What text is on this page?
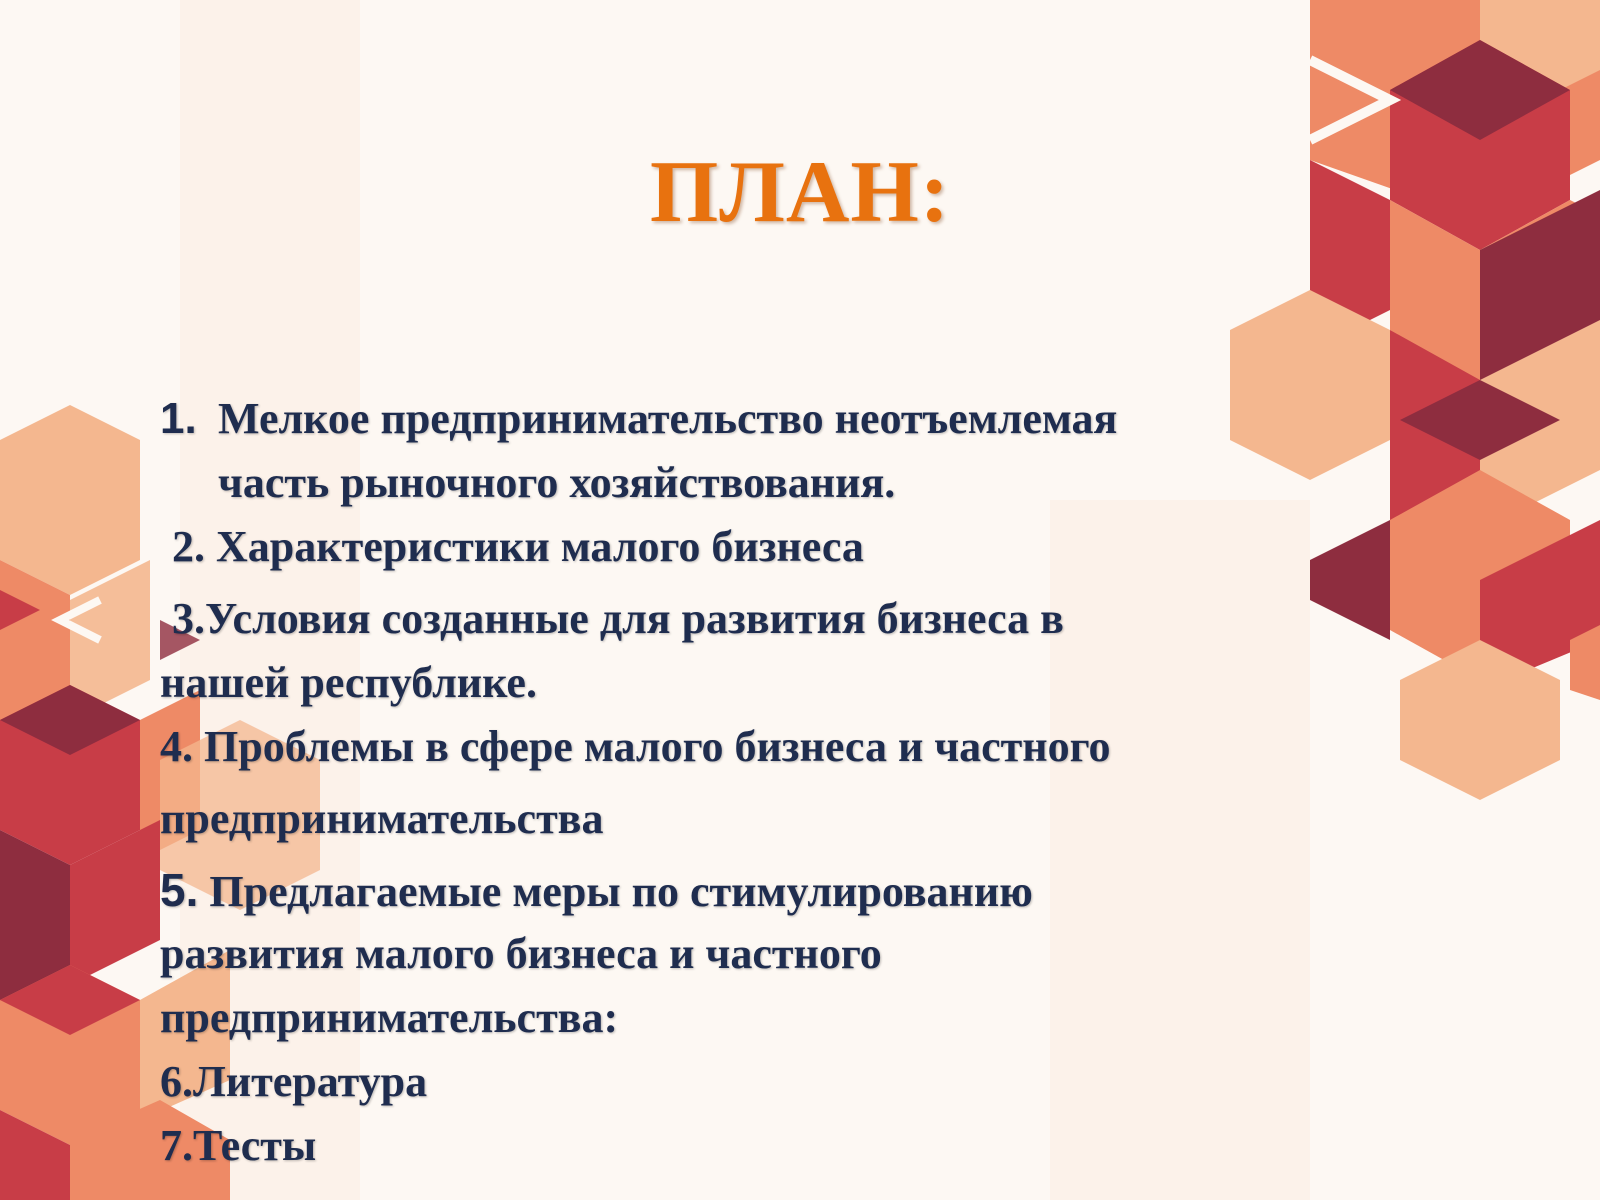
ПЛАН:
1. Мелкое предпринимательство неотъемлемая
часть рыночного хозяйствования.
2. Характеристики малого бизнеса
3.Условия созданные для развития бизнеса в
нашей республике.
4. Проблемы в сфере малого бизнеса и частного
предпринимательства
5. Предлагаемые меры по стимулированию
развития малого бизнеса и частного
предпринимательства:
6.Литература
7.Тесты
